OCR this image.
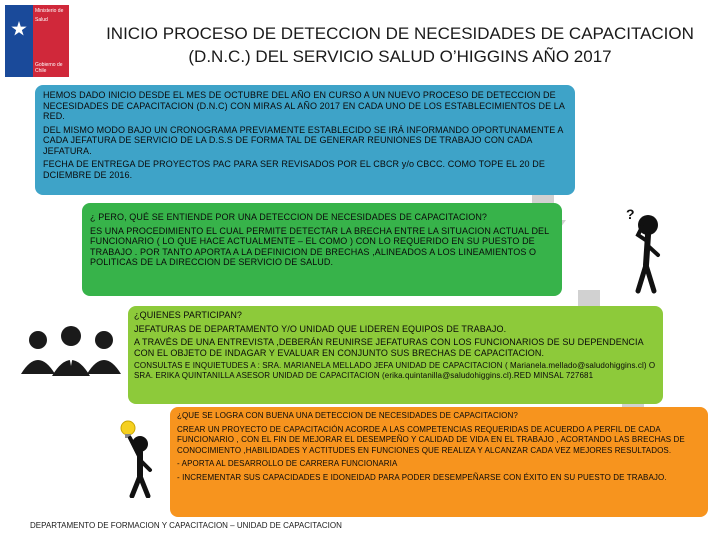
Ministerio de
Salud
Gobierno de Chile
INICIO PROCESO DE DETECCION DE NECESIDADES DE CAPACITACION
(D.N.C.) DEL SERVICIO SALUD O’HIGGINS AÑO 2017

HEMOS DADO INICIO DESDE EL MES DE OCTUBRE DEL AÑO EN CURSO A UN NUEVO PROCESO DE DETECCION DE NECESIDADES DE CAPACITACION (D.N.C) CON MIRAS AL AÑO 2017 EN CADA UNO DE LOS ESTABLECIMIENTOS DE LA RED.

DEL MISMO MODO BAJO UN CRONOGRAMA PREVIAMENTE ESTABLECIDO SE IRÁ INFORMANDO OPORTUNAMENTE A CADA JEFATURA DE SERVICIO DE LA D.S.S DE FORMA TAL DE GENERAR REUNIONES DE TRABAJO CON CADA JEFATURA.

FECHA DE ENTREGA DE PROYECTOS PAC PARA SER REVISADOS POR EL CBCR y/o CBCC. COMO TOPE EL 20 DE DCIEMBRE DE 2016.

¿ PERO, QUÉ SE ENTIENDE POR UNA DETECCION DE NECESIDADES DE CAPACITACION?

ES UNA PROCEDIMIENTO EL CUAL PERMITE DETECTAR LA BRECHA ENTRE LA SITUACION ACTUAL DEL FUNCIONARIO ( LO QUE HACE ACTUALMENTE – EL COMO ) CON LO REQUERIDO EN SU PUESTO DE TRABAJO . POR TANTO APORTA A LA DEFINICION DE BRECHAS ,ALINEADOS A LOS LINEAMIENTOS O POLITICAS DE LA DIRECCION DE SERVICIO DE SALUD.

¿QUIENES PARTICIPAN?

JEFATURAS DE DEPARTAMENTO Y/O UNIDAD QUE LIDEREN EQUIPOS DE TRABAJO.

A TRAVÉS DE UNA ENTREVISTA ,DEBERÁN REUNIRSE JEFATURAS CON LOS FUNCIONARIOS DE SU DEPENDENCIA CON EL OBJETO DE INDAGAR Y EVALUAR EN CONJUNTO SUS BRECHAS DE CAPACITACION.

CONSULTAS E INQUIETUDES A : SRA. MARIANELA MELLADO JEFA UNIDAD DE CAPACITACION ( Marianela.mellado@saludohiggins.cl) O SRA. ERIKA QUINTANILLA ASESOR UNIDAD DE CAPACITACION (erika.quintanilla@saludohiggins.cl).RED MINSAL 727681

¿QUE SE LOGRA CON BUENA UNA DETECCION DE NECESIDADES DE CAPACITACION?

CREAR UN PROYECTO DE CAPACITACIÓN ACORDE A LAS COMPETENCIAS REQUERIDAS DE ACUERDO A PERFIL DE CADA FUNCIONARIO , CON EL FIN DE MEJORAR EL DESEMPEÑO Y CALIDAD DE VIDA EN EL TRABAJO , ACORTANDO LAS BRECHAS DE CONOCIMIENTO ,HABILIDADES Y ACTITUDES EN FUNCIONES QUE REALIZA Y ALCANZAR CADA VEZ MEJORES RESULTADOS.

- APORTA AL DESARROLLO DE CARRERA FUNCIONARIA

- INCREMENTAR SUS CAPACIDADES E IDONEIDAD PARA PODER DESEMPEÑARSE CON ÉXITO EN SU PUESTO DE TRABAJO.

?
DEPARTAMENTO DE FORMACION Y CAPACITACION – UNIDAD DE CAPACITACION
